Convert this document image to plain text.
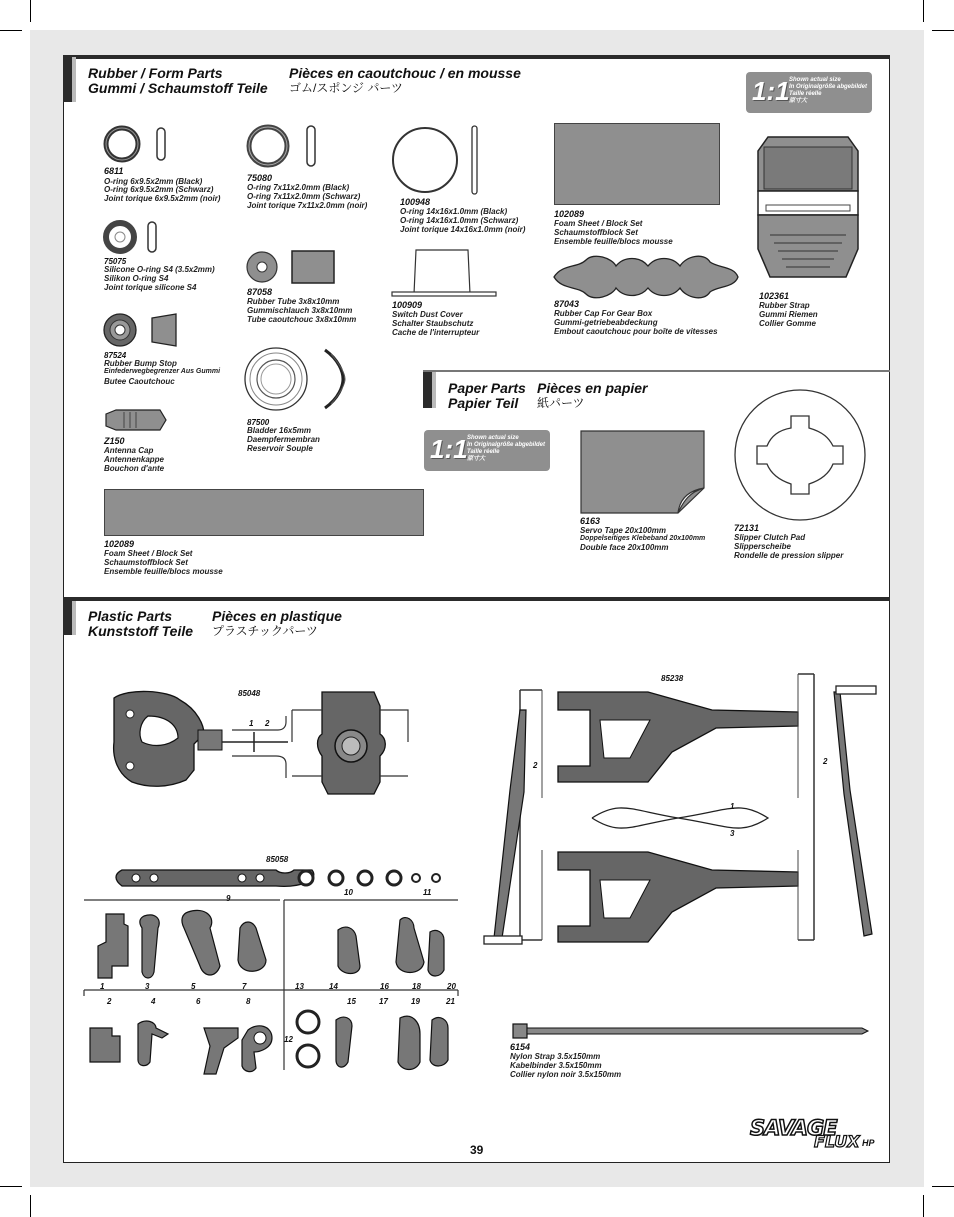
Rubber / Form Parts
Gummi / Schaumstoff Teile
Pièces en caoutchouc / en mousse
ゴム/スポンジ パーツ	1:1 Shown actual size
In Originalgröße abgebildet
Taille réelle
原寸大
6811
O-ring 6x9.5x2mm (Black)
O-ring 6x9.5x2mm (Schwarz)
Joint torique 6x9.5x2mm (noir)
75080
O-ring 7x11x2.0mm (Black)
O-ring 7x11x2.0mm (Schwarz)
Joint torique 7x11x2.0mm (noir)	100948
O-ring 14x16x1.0mm (Black)
O-ring 14x16x1.0mm (Schwarz)
Joint torique 14x16x1.0mm (noir)
102089
Foam Sheet / Block Set
Schaumstoffblock Set
Ensemble feuille/blocs mousse
102361
Rubber Strap
Gummi Riemen
Collier Gomme
75075
Silicone O-ring S4 (3.5x2mm)
Silikon O-ring S4
Joint torique silicone S4	87058
Rubber Tube 3x8x10mm
Gummischlauch 3x8x10mm
Tube caoutchouc 3x8x10mm
100909
Switch Dust Cover
Schalter Staubschutz
Cache de l'interrupteur
87043
Rubber Cap For Gear Box
Gummi-getriebeabdeckung
Embout caoutchouc pour boîte de vitesses
87524
Rubber Bump Stop
Einfederwegbegrenzer Aus Gummi
Butee Caoutchouc
87500
Bladder 16x5mm
Daempfermembran
Reservoir Souple
Z150
Antenna Cap
Antennenkappe
Bouchon d'ante
102089
Foam Sheet / Block Set
Schaumstoffblock Set
Ensemble feuille/blocs mousse
Paper Parts
Papier Teil
Pièces en papier
紙パーツ
1:1 Shown actual size
In Originalgröße abgebildet
Taille réelle
原寸大
6163
Servo Tape 20x100mm
Doppelseitiges Klebeband 20x100mm
Double face 20x100mm
72131
Slipper Clutch Pad
Slipperscheibe
Rondelle de pression slipper
Plastic Parts
Kunststoff Teile
Pièces en plastique
プラスチックパーツ
85048
1 2
85238
2	2
1
3
85058
9
10	11
1	3	5	7	13	14	16	18	20
2	4	6	8	15	17	19	21
12
6154
Nylon Strap 3.5x150mm
Kabelbinder 3.5x150mm
Collier nylon noir 3.5x150mm
39
SAVAGE
FLUX HP
